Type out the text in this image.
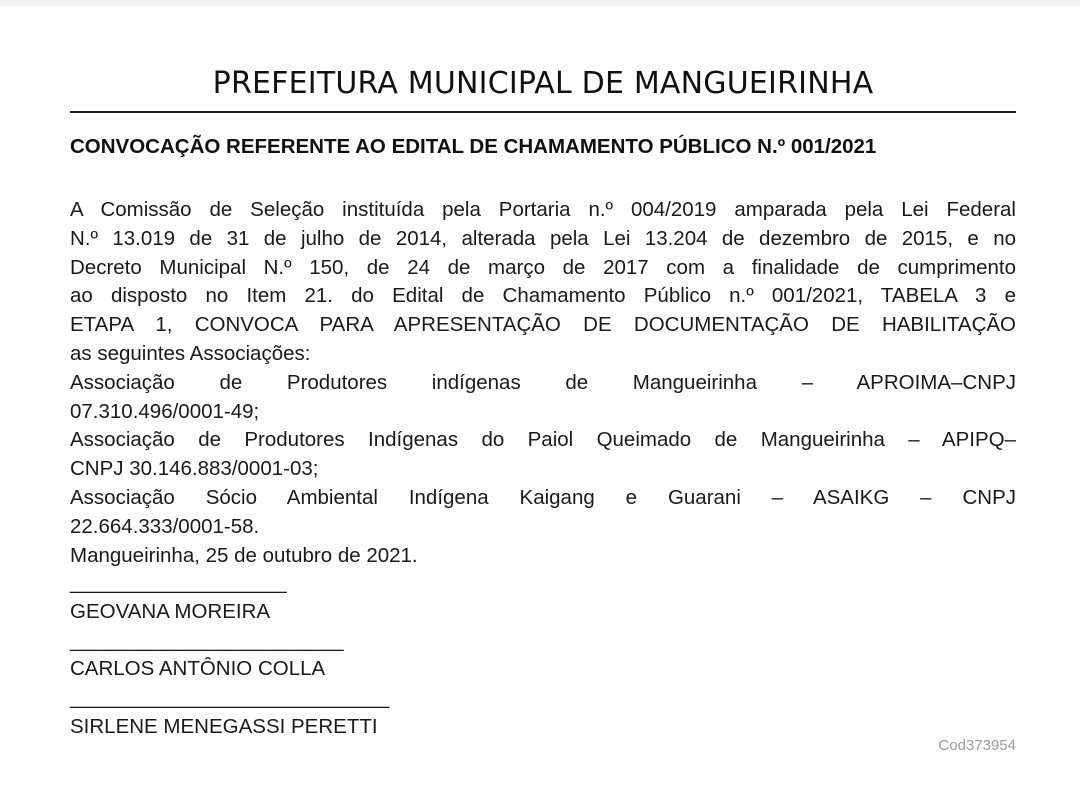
PREFEITURA MUNICIPAL DE MANGUEIRINHA
CONVOCAÇÃO REFERENTE AO EDITAL DE CHAMAMENTO PÚBLICO N.º 001/2021
A Comissão de Seleção instituída pela Portaria n.º 004/2019 amparada pela Lei Federal
N.º 13.019 de 31 de julho de 2014, alterada pela Lei 13.204 de dezembro de 2015, e no
Decreto Municipal N.º 150, de 24 de março de 2017 com a finalidade de cumprimento
ao disposto no Item 21. do Edital de Chamamento Público n.º 001/2021, TABELA 3 e
ETAPA 1, CONVOCA PARA APRESENTAÇÃO DE DOCUMENTAÇÃO DE HABILITAÇÃO
as seguintes Associações:
Associação de Produtores indígenas de Mangueirinha – APROIMA–CNPJ
07.310.496/0001-49;
Associação de Produtores Indígenas do Paiol Queimado de Mangueirinha – APIPQ–
CNPJ 30.146.883/0001-03;
Associação Sócio Ambiental Indígena Kaigang e Guarani – ASAIKG – CNPJ
22.664.333/0001-58.
Mangueirinha, 25 de outubro de 2021.
___________________
GEOVANA MOREIRA
________________________
CARLOS ANTÔNIO COLLA
____________________________
SIRLENE MENEGASSI PERETTI
Cod373954
